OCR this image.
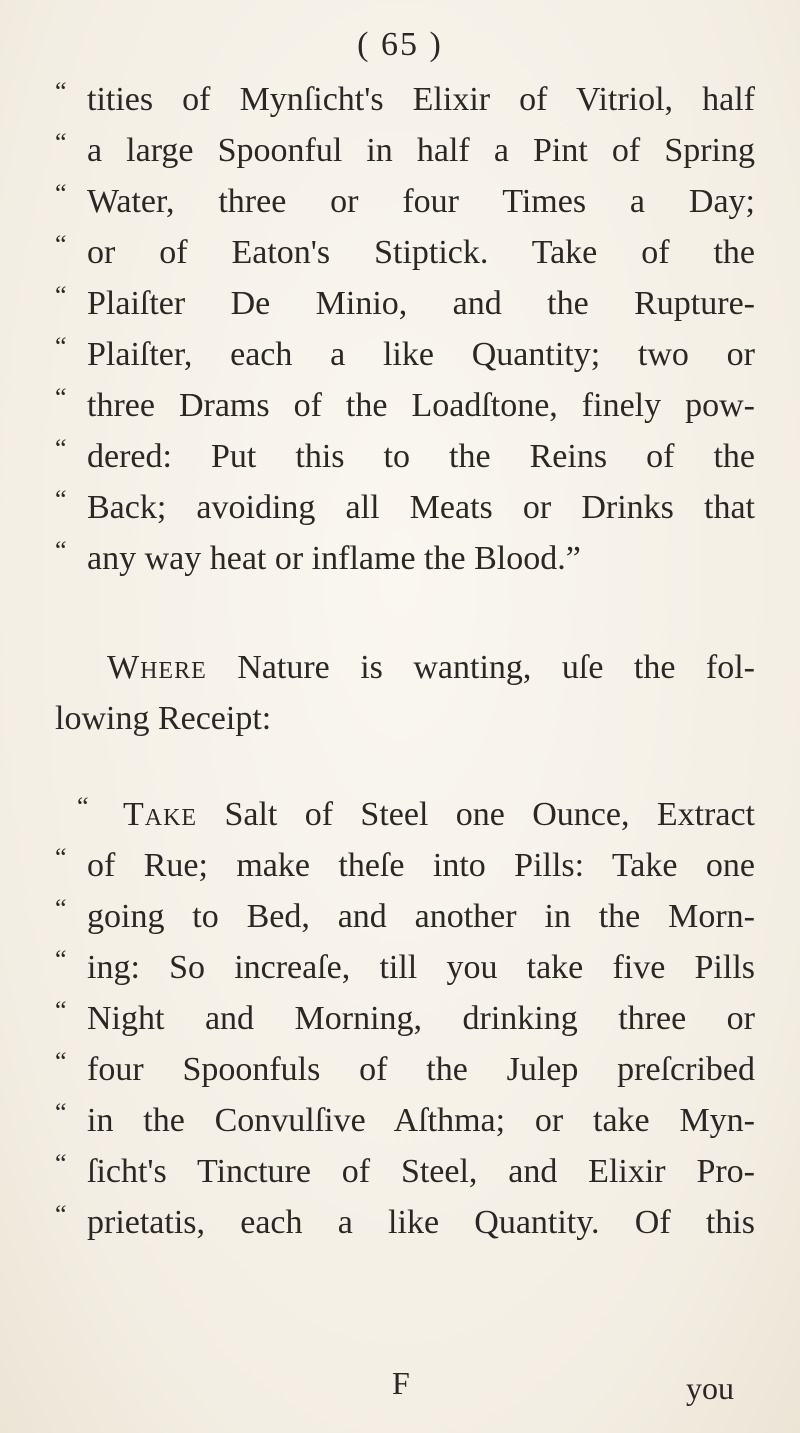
( 65 )
“ tities of Mynſicht's Elixir of Vitriol, half
“ a large Spoonful in half a Pint of Spring
“ Water, three or four Times a Day;
“ or of Eaton's Stiptick. Take of the
“ Plaiſter De Minio, and the Rupture-
“ Plaiſter, each a like Quantity; two or
“ three Drams of the Loadſtone, finely pow-
“ dered: Put this to the Reins of the
“ Back; avoiding all Meats or Drinks that
“ any way heat or inflame the Blood.”
Where Nature is wanting, uſe the fol-
lowing Receipt:
“ Take Salt of Steel one Ounce, Extract
“ of Rue; make theſe into Pills: Take one
“ going to Bed, and another in the Morn-
“ ing: So increaſe, till you take five Pills
“ Night and Morning, drinking three or
“ four Spoonfuls of the Julep preſcribed
“ in the Convulſive Aſthma; or take Myn-
“ ſicht's Tincture of Steel, and Elixir Pro-
“ prietatis, each a like Quantity. Of this
F	you
